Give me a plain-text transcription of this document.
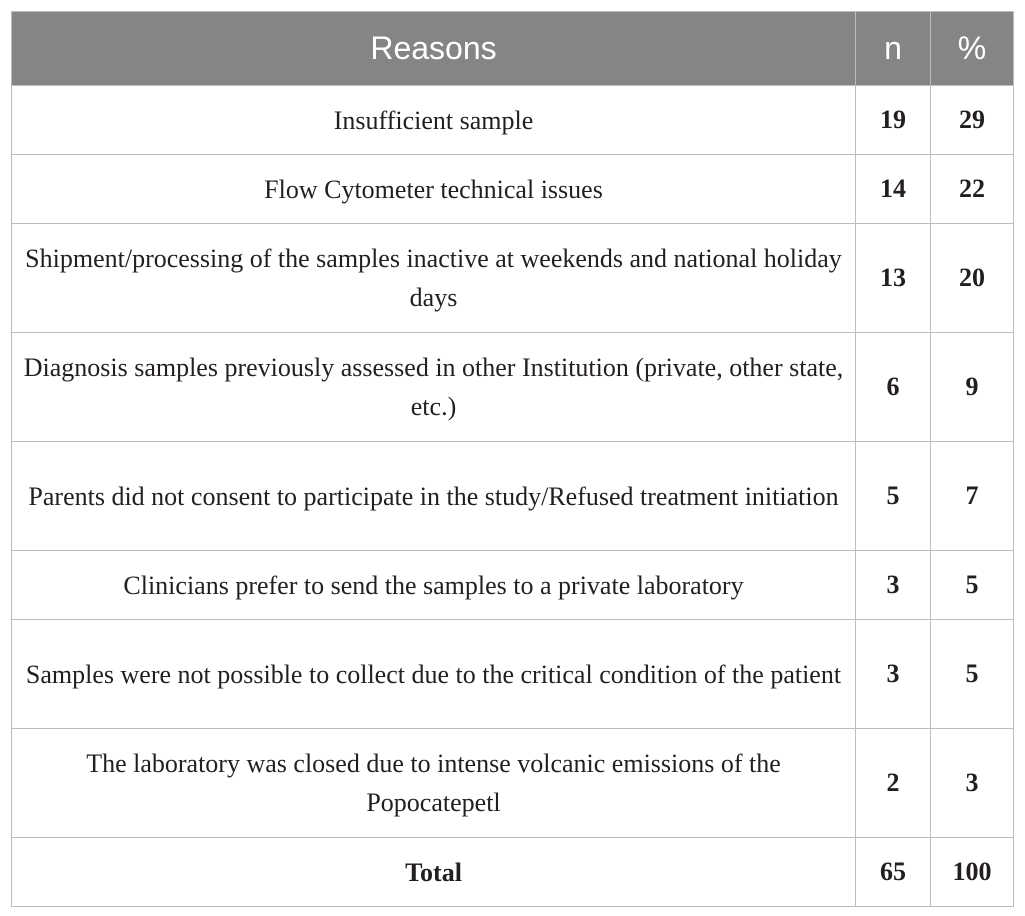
Reasons	n	%
Insufficient sample	19	29
Flow Cytometer technical issues	14	22
Shipment/processing of the samples inactive at weekends and national holiday days	13	20
Diagnosis samples previously assessed in other Institution (private, other state, etc.)	6	9
Parents did not consent to participate in the study/Refused treatment initiation	5	7
Clinicians prefer to send the samples to a private laboratory	3	5
Samples were not possible to collect due to the critical condition of the patient	3	5
The laboratory was closed due to intense volcanic emissions of the Popocatepetl	2	3
Total	65	100
